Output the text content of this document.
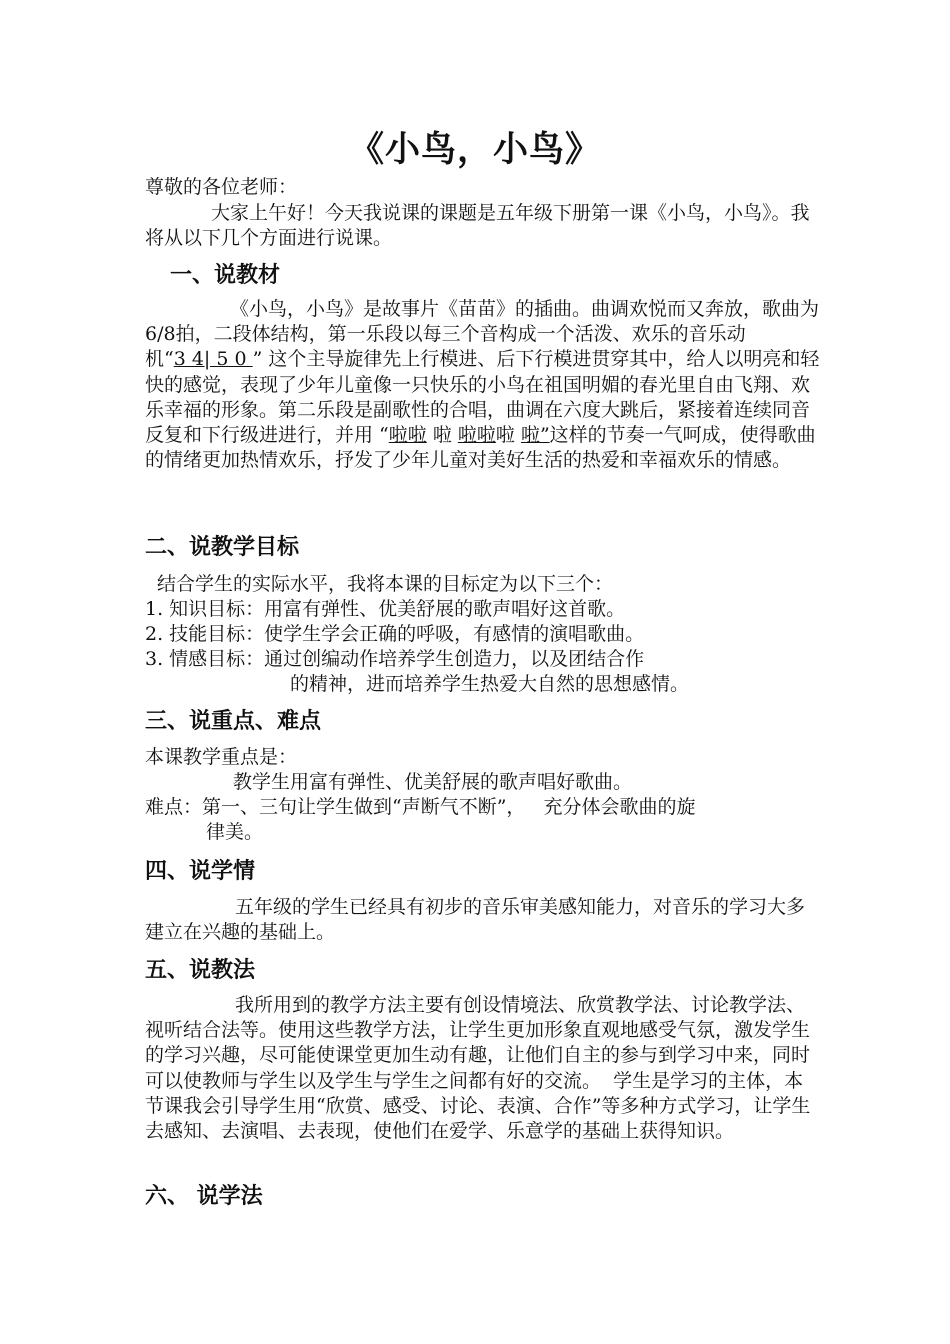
《小鸟，小鸟》
尊敬的各位老师：
大家上午好！今天我说课的课题是五年级下册第一课《小鸟，小鸟》。我将从以下几个方面进行说课。
一、说教材
《小鸟，小鸟》是故事片《苗苗》的插曲。曲调欢悦而又奔放，歌曲为6/8拍，二段体结构，第一乐段以每三个音构成一个活泼、欢乐的音乐动机“3 4| 5 0 ” 这个主导旋律先上行模进、后下行模进贯穿其中，给人以明亮和轻快的感觉，表现了少年儿童像一只快乐的小鸟在祖国明媚的春光里自由飞翔、欢乐幸福的形象。第二乐段是副歌性的合唱，曲调在六度大跳后，紧接着连续同音反复和下行级进进行，并用 “啦啦 啦 啦啦啦 啦”这样的节奏一气呵成，使得歌曲的情绪更加热情欢乐，抒发了少年儿童对美好生活的热爱和幸福欢乐的情感。
二、说教学目标
结合学生的实际水平，我将本课的目标定为以下三个：
1. 知识目标：用富有弹性、优美舒展的歌声唱好这首歌。
2. 技能目标：使学生学会正确的呼吸，有感情的演唱歌曲。
3. 情感目标：通过创编动作培养学生创造力，以及团结合作
的精神，进而培养学生热爱大自然的思想感情。
三、说重点、难点
本课教学重点是：
教学生用富有弹性、优美舒展的歌声唱好歌曲。
难点：第一、三句让学生做到“声断气不断”，   充分体会歌曲的旋
律美。
四、说学情
五年级的学生已经具有初步的音乐审美感知能力，对音乐的学习大多建立在兴趣的基础上。
五、说教法
我所用到的教学方法主要有创设情境法、欣赏教学法、讨论教学法、视听结合法等。使用这些教学方法，让学生更加形象直观地感受气氛，激发学生的学习兴趣，尽可能使课堂更加生动有趣，让他们自主的参与到学习中来，同时可以使教师与学生以及学生与学生之间都有好的交流。  学生是学习的主体，本节课我会引导学生用“欣赏、感受、讨论、表演、合作”等多种方式学习，让学生去感知、去演唱、去表现，使他们在爱学、乐意学的基础上获得知识。
六、 说学法
